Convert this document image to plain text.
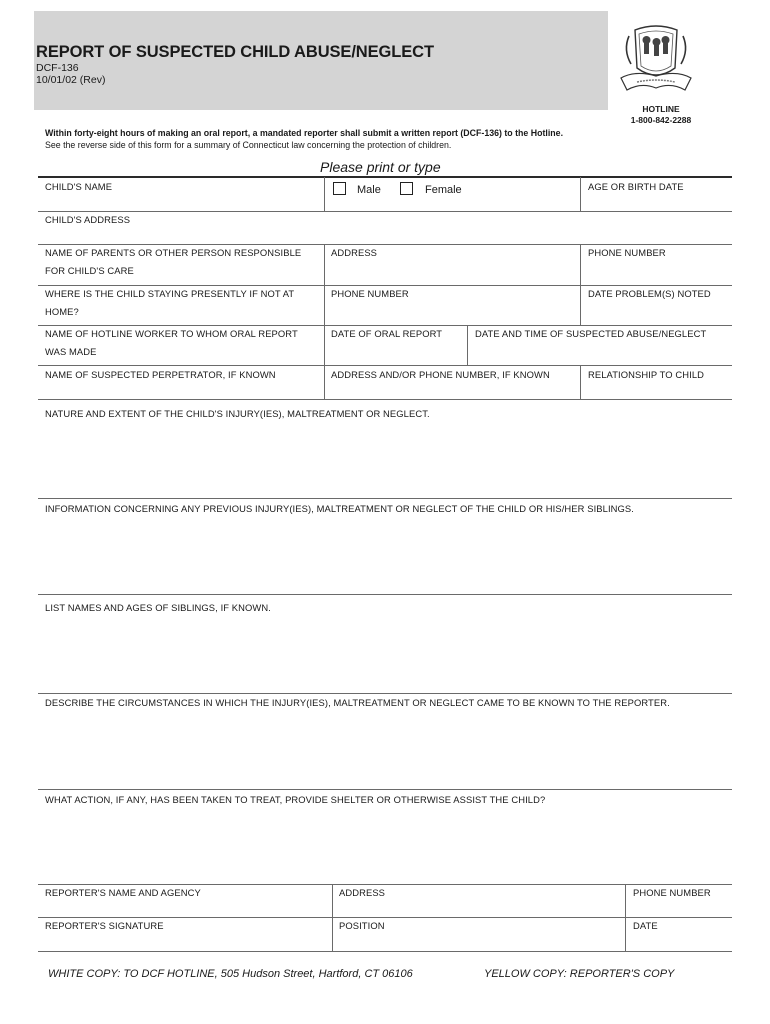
REPORT OF SUSPECTED CHILD ABUSE/NEGLECT
DCF-136
10/01/02 (Rev)
HOTLINE
1-800-842-2288
Within forty-eight hours of making an oral report, a mandated reporter shall submit a written report (DCF-136) to the Hotline.
See the reverse side of this form for a summary of Connecticut law concerning the protection of children.
Please print or type
CHILD'S NAME	Male	Female	AGE OR BIRTH DATE
CHILD'S ADDRESS
NAME OF PARENTS OR OTHER PERSON RESPONSIBLE
FOR CHILD'S CARE
ADDRESS	PHONE NUMBER
WHERE IS THE CHILD STAYING PRESENTLY IF NOT AT
HOME?
PHONE NUMBER	DATE PROBLEM(S) NOTED
NAME OF HOTLINE WORKER TO WHOM ORAL REPORT
WAS MADE
DATE OF ORAL REPORT	DATE AND TIME OF SUSPECTED ABUSE/NEGLECT
NAME OF SUSPECTED PERPETRATOR, IF KNOWN	ADDRESS AND/OR PHONE NUMBER, IF KNOWN	RELATIONSHIP TO CHILD
NATURE AND EXTENT OF THE CHILD'S INJURY(IES), MALTREATMENT OR NEGLECT.
INFORMATION CONCERNING ANY PREVIOUS INJURY(IES), MALTREATMENT OR NEGLECT OF THE CHILD OR HIS/HER SIBLINGS.
LIST NAMES AND AGES OF SIBLINGS, IF KNOWN.
DESCRIBE THE CIRCUMSTANCES IN WHICH THE INJURY(IES), MALTREATMENT OR NEGLECT CAME TO BE KNOWN TO THE REPORTER.
WHAT ACTION, IF ANY, HAS BEEN TAKEN TO TREAT, PROVIDE SHELTER OR OTHERWISE ASSIST THE CHILD?
REPORTER'S NAME AND AGENCY	ADDRESS	PHONE NUMBER
REPORTER'S SIGNATURE	POSITION	DATE
WHITE COPY: TO DCF HOTLINE, 505 Hudson Street, Hartford, CT 06106	YELLOW COPY: REPORTER'S COPY
